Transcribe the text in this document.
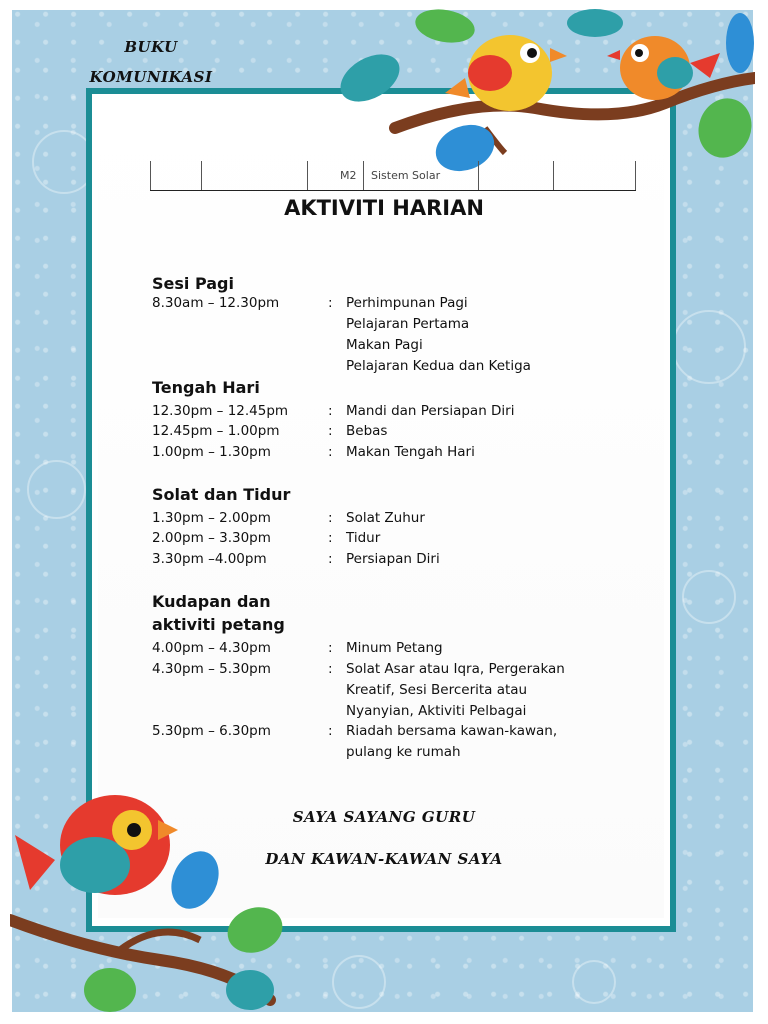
BUKU
KOMUNIKASI
M2 Sistem Solar
AKTIVITI HARIAN
Sesi Pagi
8.30am – 12.30pm	: Perhimpunan Pagi
Pelajaran Pertama
Makan Pagi
Pelajaran Kedua dan Ketiga
Tengah Hari
12.30pm – 12.45pm	: Mandi dan Persiapan Diri
12.45pm – 1.00pm	: Bebas
1.00pm – 1.30pm	: Makan Tengah Hari
Solat dan Tidur
1.30pm – 2.00pm	: Solat Zuhur
2.00pm – 3.30pm	: Tidur
3.30pm –4.00pm	: Persiapan Diri
Kudapan dan
aktiviti petang
4.00pm – 4.30pm	: Minum Petang
4.30pm – 5.30pm	: Solat Asar atau Iqra, Pergerakan
Kreatif, Sesi Bercerita atau
Nyanyian, Aktiviti Pelbagai
5.30pm – 6.30pm	: Riadah bersama kawan-kawan,
pulang ke rumah
SAYA SAYANG GURU
DAN KAWAN-KAWAN SAYA
